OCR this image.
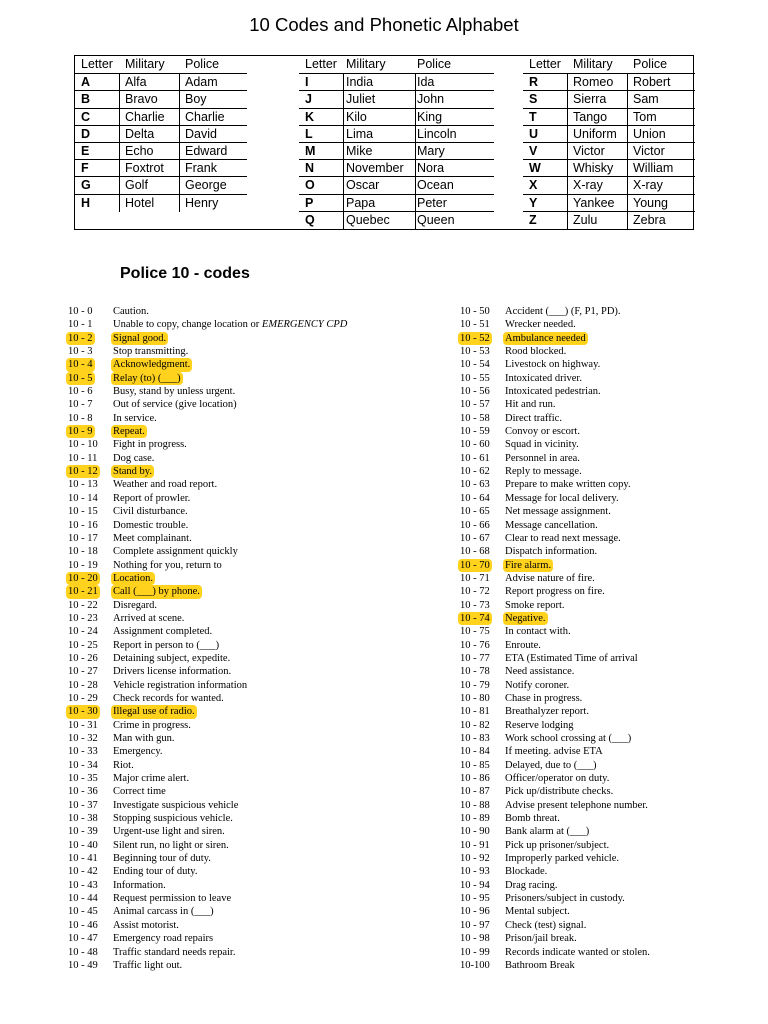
10 Codes and Phonetic Alphabet
Letter Military Police
A	Alfa	Adam
B	Bravo Boy
C	Charlie Charlie
D	Delta David
E	Echo	Edward
F	Foxtrot Frank
G	Golf	George
H	Hotel Henry
Letter Military	Police
I	India	Ida
J	Juliet	John
K	Kilo	King
L	Lima	Lincoln
M Mike	Mary
N	November Nora
O	Oscar	Ocean
P	Papa	Peter
Q	Quebec Queen
Letter Military Police
R	Romeo Robert
S	Sierra Sam
T	Tango Tom
U	Uniform Union
V	Victor Victor
W	Whisky William
X	X-ray X-ray
Y	Yankee Young
Z	Zulu	Zebra
Police 10 - codes
10 - 0 Caution.
10 - 1 Unable to copy, change location or EMERGENCY CPD
10 - 2 Signal good.
10 - 3 Stop transmitting.
10 - 4 Acknowledgment.
10 - 5 Relay (to) (___)
10 - 6 Busy, stand by unless urgent.
10 - 7 Out of service (give location)
10 - 8 In service.
10 - 9 Repeat.
10 - 10 Fight in progress.
10 - 11 Dog case.
10 - 12 Stand by.
10 - 13 Weather and road report.
10 - 14 Report of prowler.
10 - 15 Civil disturbance.
10 - 16 Domestic trouble.
10 - 17 Meet complainant.
10 - 18 Complete assignment quickly
10 - 19 Nothing for you, return to
10 - 20 Location.
10 - 21 Call (___) by phone.
10 - 22 Disregard.
10 - 23 Arrived at scene.
10 - 24 Assignment completed.
10 - 25 Report in person to (___)
10 - 26 Detaining subject, expedite.
10 - 27 Drivers license information.
10 - 28 Vehicle registration information
10 - 29 Check records for wanted.
10 - 30 Illegal use of radio.
10 - 31 Crime in progress.
10 - 32 Man with gun.
10 - 33 Emergency.
10 - 34 Riot.
10 - 35 Major crime alert.
10 - 36 Correct time
10 - 37 Investigate suspicious vehicle
10 - 38 Stopping suspicious vehicle.
10 - 39 Urgent-use light and siren.
10 - 40 Silent run, no light or siren.
10 - 41 Beginning tour of duty.
10 - 42 Ending tour of duty.
10 - 43 Information.
10 - 44 Request permission to leave
10 - 45 Animal carcass in (___)
10 - 46 Assist motorist.
10 - 47 Emergency road repairs
10 - 48 Traffic standard needs repair.
10 - 49 Traffic light out.
10 - 50 Accident (___) (F, P1, PD).
10 - 51 Wrecker needed.
10 - 52 Ambulance needed
10 - 53 Rood blocked.
10 - 54 Livestock on highway.
10 - 55 Intoxicated driver.
10 - 56 Intoxicated pedestrian.
10 - 57 Hit and run.
10 - 58 Direct traffic.
10 - 59 Convoy or escort.
10 - 60 Squad in vicinity.
10 - 61 Personnel in area.
10 - 62 Reply to message.
10 - 63 Prepare to make written copy.
10 - 64 Message for local delivery.
10 - 65 Net message assignment.
10 - 66 Message cancellation.
10 - 67 Clear to read next message.
10 - 68 Dispatch information.
10 - 70 Fire alarm.
10 - 71 Advise nature of fire.
10 - 72 Report progress on fire.
10 - 73 Smoke report.
10 - 74 Negative.
10 - 75 In contact with.
10 - 76 Enroute.
10 - 77 ETA (Estimated Time of arrival
10 - 78 Need assistance.
10 - 79 Notify coroner.
10 - 80 Chase in progress.
10 - 81 Breathalyzer report.
10 - 82 Reserve lodging
10 - 83 Work school crossing at (___)
10 - 84 If meeting. advise ETA
10 - 85 Delayed, due to (___)
10 - 86 Officer/operator on duty.
10 - 87 Pick up/distribute checks.
10 - 88 Advise present telephone number.
10 - 89 Bomb threat.
10 - 90 Bank alarm at (___)
10 - 91 Pick up prisoner/subject.
10 - 92 Improperly parked vehicle.
10 - 93 Blockade.
10 - 94 Drag racing.
10 - 95 Prisoners/subject in custody.
10 - 96 Mental subject.
10 - 97 Check (test) signal.
10 - 98 Prison/jail break.
10 - 99 Records indicate wanted or stolen.
10-100 Bathroom Break
